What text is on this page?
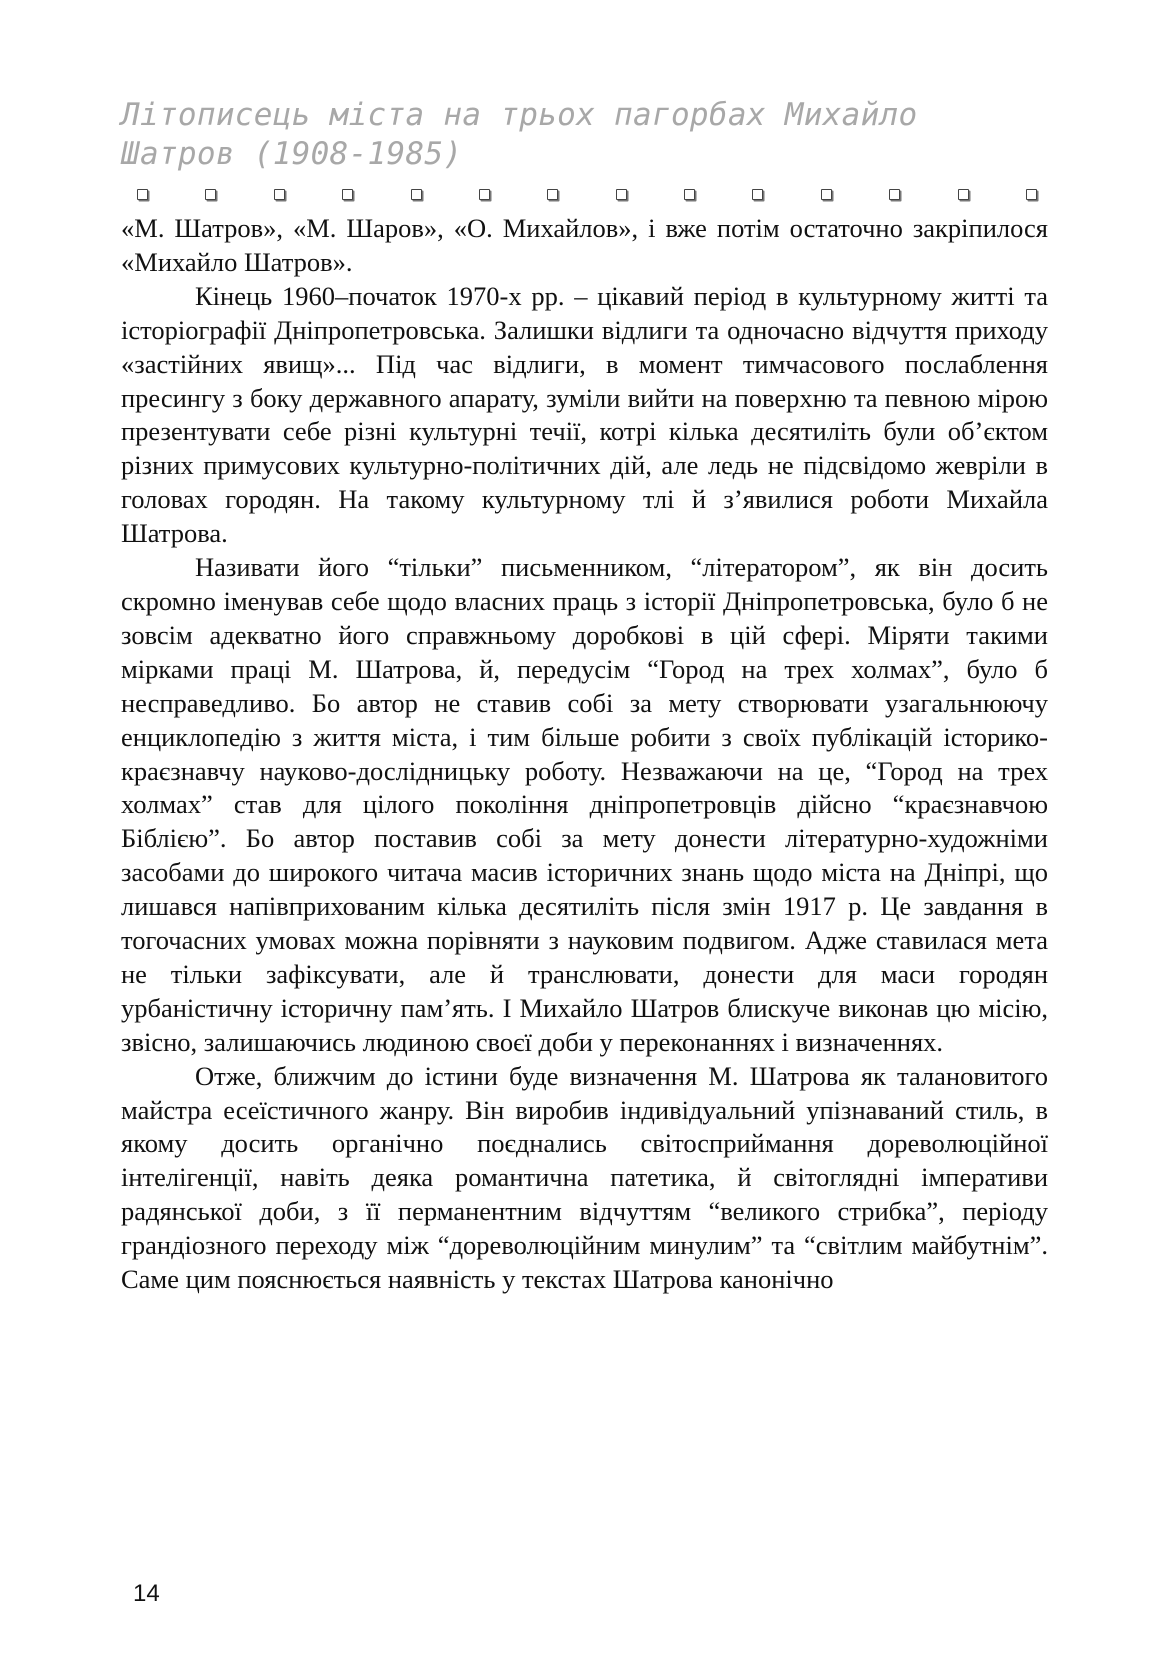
Літописець міста на трьох пагорбах Михайло
Шатров (1908-1985)

«М. Шатров», «М. Шаров», «О. Михайлов», і вже потім остаточно закріпилося «Михайло Шатров».

Кінець 1960–початок 1970-х рр. – цікавий період в культурному житті та історіографії Дніпропетровська. Залишки відлиги та одночасно відчуття приходу «застійних явищ»... Під час відлиги, в момент тимчасового послаблення пресингу з боку державного апарату, зуміли вийти на поверхню та певною мірою презентувати себе різні культурні течії, котрі кілька десятиліть були об’єктом різних примусових культурно-політичних дій, але ледь не підсвідомо жевріли в головах городян. На такому культурному тлі й з’явилися роботи Михайла Шатрова.

Називати його “тільки” письменником, “літератором”, як він досить скромно іменував себе щодо власних праць з історії Дніпропетровська, було б не зовсім адекватно його справжньому доробкові в цій сфері. Міряти такими мірками праці М. Шатрова, й, передусім “Город на трех холмах”, було б несправедливо. Бо автор не ставив собі за мету створювати узагальнюючу енциклопедію з життя міста, і тим більше робити з своїх публікацій історико-краєзнавчу науково-дослідницьку роботу. Незважаючи на це, “Город на трех холмах” став для цілого покоління дніпропетровців дійсно “краєзнавчою Біблією”. Бо автор поставив собі за мету донести літературно-художніми засобами до широкого читача масив історичних знань щодо міста на Дніпрі, що лишався напівприхованим кілька десятиліть після змін 1917 р. Це завдання в тогочасних умовах можна порівняти з науковим подвигом. Адже ставилася мета не тільки зафіксувати, але й транслювати, донести для маси городян урбаністичну історичну пам’ять. І Михайло Шатров блискуче виконав цю місію, звісно, залишаючись людиною своєї доби у переконаннях і визначеннях.

Отже, ближчим до істини буде визначення М. Шатрова як талановитого майстра есеїстичного жанру. Він виробив індивідуальний упізнаваний стиль, в якому досить органічно поєднались світосприймання дореволюційної інтелігенції, навіть деяка романтична патетика, й світоглядні імперативи радянської доби, з її перманентним відчуттям “великого стрибка”, періоду грандіозного переходу між “дореволюційним минулим” та “світлим майбутнім”. Саме цим пояснюється наявність у текстах Шатрова канонічно

14
